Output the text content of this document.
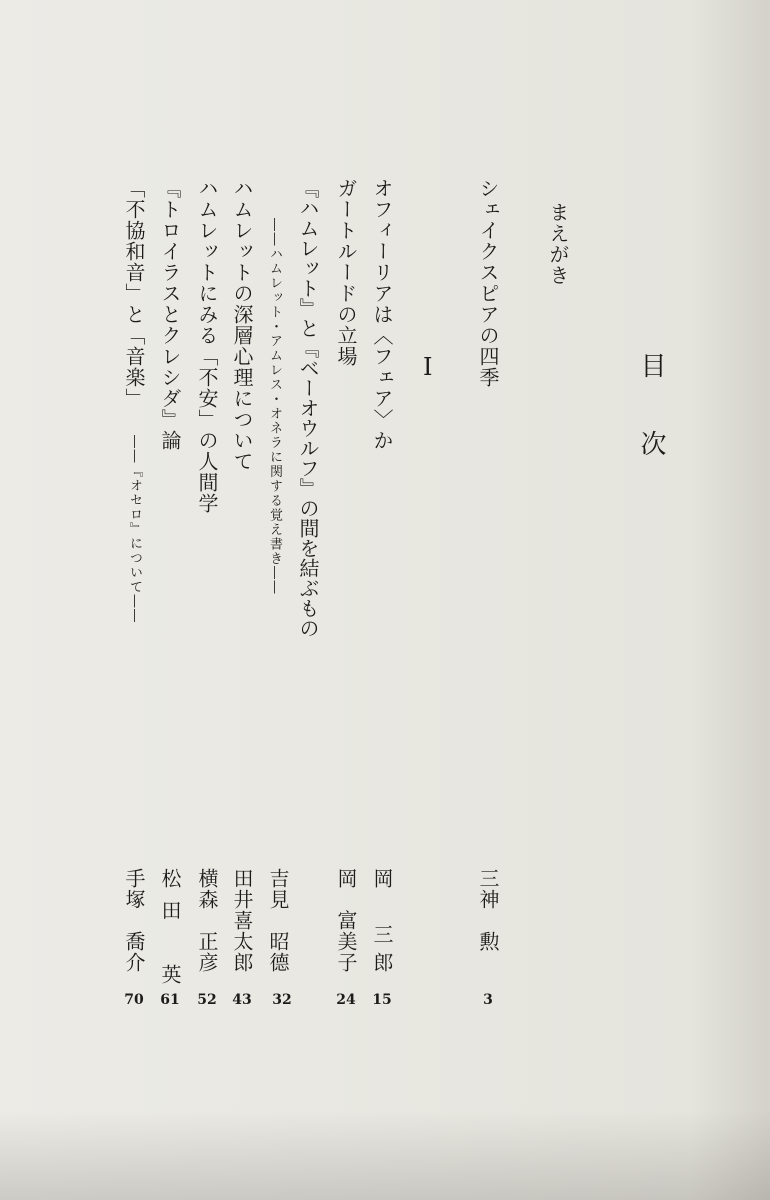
目次
まえがき
シェイクスピアの四季
……………………………………………………………………………………………………………………………………………………………
三神　勲
3
I
オフィーリアは〈フェア〉か
……………………………………………………………………………………………………………………………………………………………
岡　三郎
15
ガートルードの立場
……………………………………………………………………………………………………………………………………………………………
岡　富美子
24
『ハムレット』と『ベーオウルフ』の間を結ぶもの
――ハムレット・アムレス・オネラに関する覚え書き――
……………………………………………………………………………………………………………………………………………………………
吉見　昭德
32
ハムレットの深層心理について
……………………………………………………………………………………………………………………………………………………………
田井喜太郎
43
ハムレットにみる「不安」の人間学
……………………………………………………………………………………………………………………………………………………………
横森　正彦
52
『トロイラスとクレシダ』論
……………………………………………………………………………………………………………………………………………………………
松田　英
61
「不協和音」と「音楽」
――『オセロ』について――
……………………………………………………………………………………………………………………………………………………………
手塚　喬介
70
